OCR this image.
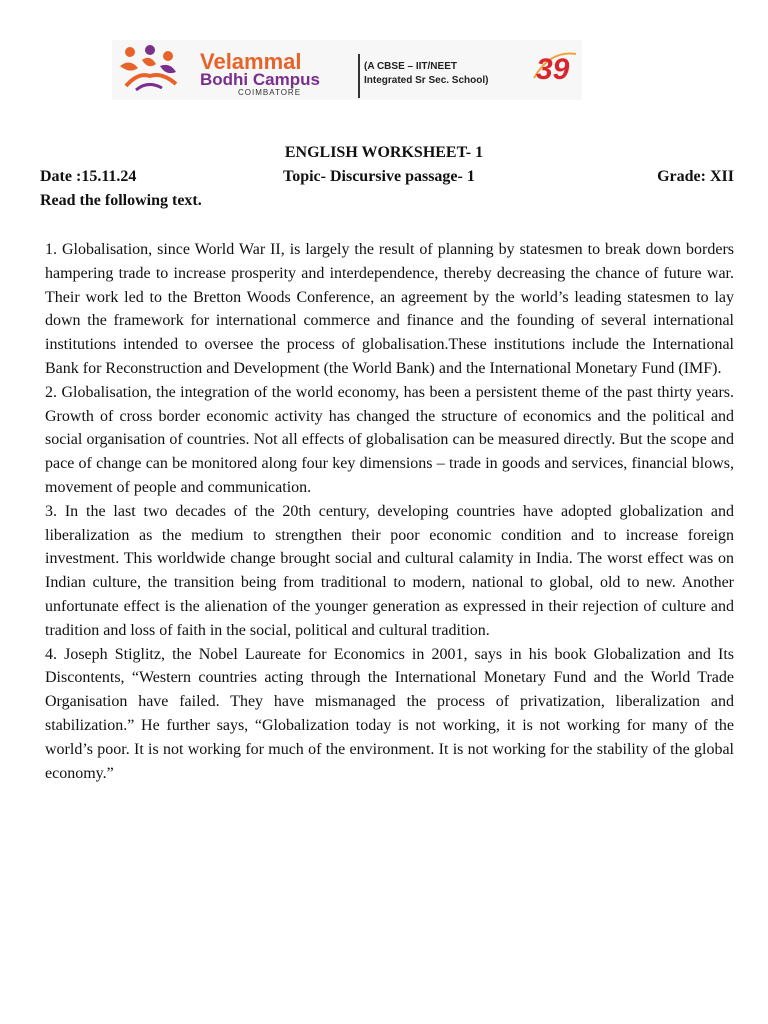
Velammal
Bodhi Campus
COIMBATORE
(A CBSE – IIT/NEET
Integrated Sr Sec. School) 39
ENGLISH WORKSHEET- 1
Date :15.11.24	Topic- Discursive passage- 1	Grade: XII
Read the following text.

1. Globalisation, since World War II, is largely the result of planning by statesmen to break down borders hampering trade to increase prosperity and interdependence, thereby decreasing the chance of future war. Their work led to the Bretton Woods Conference, an agreement by the world’s leading statesmen to lay down the framework for international commerce and finance and the founding of several international institutions intended to oversee the process of globalisation.These institutions include the International Bank for Reconstruction and Development (the World Bank) and the International Monetary Fund (IMF).

2. Globalisation, the integration of the world economy, has been a persistent theme of the past thirty years. Growth of cross border economic activity has changed the structure of economics and the political and social organisation of countries. Not all effects of globalisation can be measured directly. But the scope and pace of change can be monitored along four key dimensions – trade in goods and services, financial blows, movement of people and communication.

3. In the last two decades of the 20th century, developing countries have adopted globalization and liberalization as the medium to strengthen their poor economic condition and to increase foreign investment. This worldwide change brought social and cultural calamity in India. The worst effect was on Indian culture, the transition being from traditional to modern, national to global, old to new. Another unfortunate effect is the alienation of the younger generation as expressed in their rejection of culture and tradition and loss of faith in the social, political and cultural tradition.

4. Joseph Stiglitz, the Nobel Laureate for Economics in 2001, says in his book Globalization and Its Discontents, “Western countries acting through the International Monetary Fund and the World Trade Organisation have failed. They have mismanaged the process of privatization, liberalization and stabilization.” He further says, “Globalization today is not working, it is not working for many of the world’s poor. It is not working for much of the environment. It is not working for the stability of the global economy.”
